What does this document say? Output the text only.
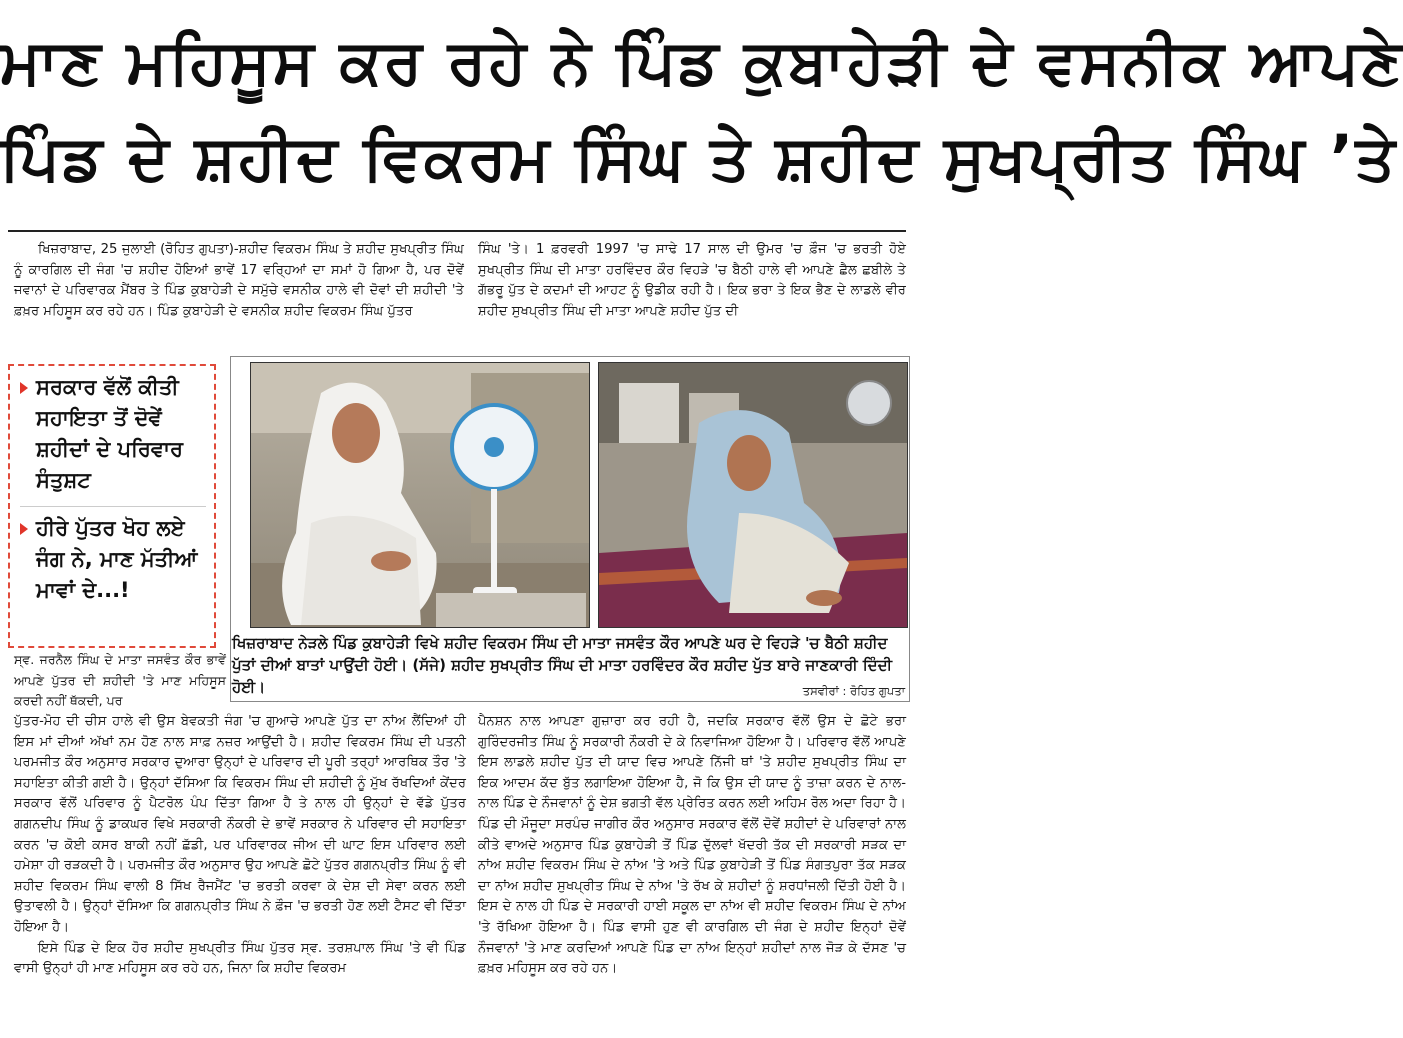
ਮਾਣ ਮਹਿਸੂਸ ਕਰ ਰਹੇ ਨੇ ਪਿੰਡ ਕੁਬਾਹੇੜੀ ਦੇ ਵਸਨੀਕ ਆਪਣੇ
ਪਿੰਡ ਦੇ ਸ਼ਹੀਦ ਵਿਕਰਮ ਸਿੰਘ ਤੇ ਸ਼ਹੀਦ ਸੁਖਪ੍ਰੀਤ ਸਿੰਘ ’ਤੇ

ਖਿਜ਼ਰਾਬਾਦ, 25 ਜੁਲਾਈ (ਰੋਹਿਤ ਗੁਪਤਾ)-ਸ਼ਹੀਦ ਵਿਕਰਮ ਸਿੰਘ ਤੇ ਸ਼ਹੀਦ ਸੁਖਪ੍ਰੀਤ ਸਿੰਘ ਨੂੰ ਕਾਰਗਿਲ ਦੀ ਜੰਗ 'ਚ ਸ਼ਹੀਦ ਹੋਇਆਂ ਭਾਵੇਂ 17 ਵਰ੍ਹਿਆਂ ਦਾ ਸਮਾਂ ਹੋ ਗਿਆ ਹੈ, ਪਰ ਦੋਵੇਂ ਜਵਾਨਾਂ ਦੇ ਪਰਿਵਾਰਕ ਮੈਂਬਰ ਤੇ ਪਿੰਡ ਕੁਬਾਹੇੜੀ ਦੇ ਸਮੁੱਚੇ ਵਸਨੀਕ ਹਾਲੇ ਵੀ ਦੋਵਾਂ ਦੀ ਸ਼ਹੀਦੀ 'ਤੇ ਫ਼ਖ਼ਰ ਮਹਿਸੂਸ ਕਰ ਰਹੇ ਹਨ। ਪਿੰਡ ਕੁਬਾਹੇੜੀ ਦੇ ਵਸਨੀਕ ਸ਼ਹੀਦ ਵਿਕਰਮ ਸਿੰਘ ਪੁੱਤਰ

ਸਿੰਘ 'ਤੇ। 1 ਫ਼ਰਵਰੀ 1997 'ਚ ਸਾਢੇ 17 ਸਾਲ ਦੀ ਉਮਰ 'ਚ ਫ਼ੌਜ 'ਚ ਭਰਤੀ ਹੋਏ ਸੁਖਪ੍ਰੀਤ ਸਿੰਘ ਦੀ ਮਾਤਾ ਹਰਵਿੰਦਰ ਕੌਰ ਵਿਹੜੇ 'ਚ ਬੈਠੀ ਹਾਲੇ ਵੀ ਆਪਣੇ ਛੈਲ ਛਬੀਲੇ ਤੇ ਗੱਭਰੂ ਪੁੱਤ ਦੇ ਕਦਮਾਂ ਦੀ ਆਹਟ ਨੂੰ ਉਡੀਕ ਰਹੀ ਹੈ। ਇਕ ਭਰਾ ਤੇ ਇਕ ਭੈਣ ਦੇ ਲਾਡਲੇ ਵੀਰ ਸ਼ਹੀਦ ਸੁਖਪ੍ਰੀਤ ਸਿੰਘ ਦੀ ਮਾਤਾ ਆਪਣੇ ਸ਼ਹੀਦ ਪੁੱਤ ਦੀ

ਸਰਕਾਰ ਵੱਲੋਂ ਕੀਤੀ ਸਹਾਇਤਾ ਤੋਂ ਦੋਵੇਂ ਸ਼ਹੀਦਾਂ ਦੇ ਪਰਿਵਾਰ ਸੰਤੁਸ਼ਟ
ਹੀਰੇ ਪੁੱਤਰ ਖੋਹ ਲਏ ਜੰਗ ਨੇ, ਮਾਣ ਮੱਤੀਆਂ ਮਾਵਾਂ ਦੇ...!
ਖਿਜ਼ਰਾਬਾਦ ਨੇੜਲੇ ਪਿੰਡ ਕੁਬਾਹੇੜੀ ਵਿਖੇ ਸ਼ਹੀਦ ਵਿਕਰਮ ਸਿੰਘ ਦੀ ਮਾਤਾ ਜਸਵੰਤ ਕੌਰ ਆਪਣੇ ਘਰ ਦੇ ਵਿਹੜੇ 'ਚ ਬੈਠੀ ਸ਼ਹੀਦ ਪੁੱਤਾਂ ਦੀਆਂ ਬਾਤਾਂ ਪਾਉਂਦੀ ਹੋਈ। (ਸੱਜੇ) ਸ਼ਹੀਦ ਸੁਖਪ੍ਰੀਤ ਸਿੰਘ ਦੀ ਮਾਤਾ ਹਰਵਿੰਦਰ ਕੌਰ ਸ਼ਹੀਦ ਪੁੱਤ ਬਾਰੇ ਜਾਣਕਾਰੀ ਦਿੰਦੀ ਹੋਈ।	ਤਸਵੀਰਾਂ : ਰੋਹਿਤ ਗੁਪਤਾ

ਸ੍ਵ. ਜਰਨੈਲ ਸਿੰਘ ਦੇ ਮਾਤਾ ਜਸਵੰਤ ਕੌਰ ਭਾਵੇਂ ਆਪਣੇ ਪੁੱਤਰ ਦੀ ਸ਼ਹੀਦੀ 'ਤੇ ਮਾਣ ਮਹਿਸੂਸ ਕਰਦੀ ਨਹੀਂ ਥੱਕਦੀ, ਪਰ

ਪੁੱਤਰ-ਮੋਹ ਦੀ ਚੀਸ ਹਾਲੇ ਵੀ ਉਸ ਬੇਵਕਤੀ ਜੰਗ 'ਚ ਗੁਆਚੇ ਆਪਣੇ ਪੁੱਤ ਦਾ ਨਾਂਅ ਲੈਂਦਿਆਂ ਹੀ ਇਸ ਮਾਂ ਦੀਆਂ ਅੱਖਾਂ ਨਮ ਹੋਣ ਨਾਲ ਸਾਫ਼ ਨਜ਼ਰ ਆਉਂਦੀ ਹੈ। ਸ਼ਹੀਦ ਵਿਕਰਮ ਸਿੰਘ ਦੀ ਪਤਨੀ ਪਰਮਜੀਤ ਕੌਰ ਅਨੁਸਾਰ ਸਰਕਾਰ ਦੁਆਰਾ ਉਨ੍ਹਾਂ ਦੇ ਪਰਿਵਾਰ ਦੀ ਪੂਰੀ ਤਰ੍ਹਾਂ ਆਰਥਿਕ ਤੌਰ 'ਤੇ ਸਹਾਇਤਾ ਕੀਤੀ ਗਈ ਹੈ। ਉਨ੍ਹਾਂ ਦੱਸਿਆ ਕਿ ਵਿਕਰਮ ਸਿੰਘ ਦੀ ਸ਼ਹੀਦੀ ਨੂੰ ਮੁੱਖ ਰੱਖਦਿਆਂ ਕੇਂਦਰ ਸਰਕਾਰ ਵੱਲੋਂ ਪਰਿਵਾਰ ਨੂੰ ਪੈਟਰੋਲ ਪੰਪ ਦਿੱਤਾ ਗਿਆ ਹੈ ਤੇ ਨਾਲ ਹੀ ਉਨ੍ਹਾਂ ਦੇ ਵੱਡੇ ਪੁੱਤਰ ਗਗਨਦੀਪ ਸਿੰਘ ਨੂੰ ਡਾਕਘਰ ਵਿਖੇ ਸਰਕਾਰੀ ਨੌਕਰੀ ਦੇ ਭਾਵੇਂ ਸਰਕਾਰ ਨੇ ਪਰਿਵਾਰ ਦੀ ਸਹਾਇਤਾ ਕਰਨ 'ਚ ਕੋਈ ਕਸਰ ਬਾਕੀ ਨਹੀਂ ਛੱਡੀ, ਪਰ ਪਰਿਵਾਰਕ ਜੀਅ ਦੀ ਘਾਟ ਇਸ ਪਰਿਵਾਰ ਲਈ ਹਮੇਸ਼ਾ ਹੀ ਰੜਕਦੀ ਹੈ। ਪਰਮਜੀਤ ਕੌਰ ਅਨੁਸਾਰ ਉਹ ਆਪਣੇ ਛੋਟੇ ਪੁੱਤਰ ਗਗਨਪ੍ਰੀਤ ਸਿੰਘ ਨੂੰ ਵੀ ਸ਼ਹੀਦ ਵਿਕਰਮ ਸਿੰਘ ਵਾਲੀ 8 ਸਿੱਖ ਰੈਜਮੈਂਟ 'ਚ ਭਰਤੀ ਕਰਵਾ ਕੇ ਦੇਸ਼ ਦੀ ਸੇਵਾ ਕਰਨ ਲਈ ਉਤਾਵਲੀ ਹੈ। ਉਨ੍ਹਾਂ ਦੱਸਿਆ ਕਿ ਗਗਨਪ੍ਰੀਤ ਸਿੰਘ ਨੇ ਫ਼ੌਜ 'ਚ ਭਰਤੀ ਹੋਣ ਲਈ ਟੈਸਟ ਵੀ ਦਿੱਤਾ ਹੋਇਆ ਹੈ।

ਇਸੇ ਪਿੰਡ ਦੇ ਇਕ ਹੋਰ ਸ਼ਹੀਦ ਸੁਖਪ੍ਰੀਤ ਸਿੰਘ ਪੁੱਤਰ ਸ੍ਵ. ਤਰਸ਼ਪਾਲ ਸਿੰਘ 'ਤੇ ਵੀ ਪਿੰਡ ਵਾਸੀ ਉਨ੍ਹਾਂ ਹੀ ਮਾਣ ਮਹਿਸੂਸ ਕਰ ਰਹੇ ਹਨ, ਜਿਨਾ ਕਿ ਸ਼ਹੀਦ ਵਿਕਰਮ

ਪੈਨਸ਼ਨ ਨਾਲ ਆਪਣਾ ਗੁਜ਼ਾਰਾ ਕਰ ਰਹੀ ਹੈ, ਜਦਕਿ ਸਰਕਾਰ ਵੱਲੋਂ ਉਸ ਦੇ ਛੋਟੇ ਭਰਾ ਗੁਰਿੰਦਰਜੀਤ ਸਿੰਘ ਨੂੰ ਸਰਕਾਰੀ ਨੌਕਰੀ ਦੇ ਕੇ ਨਿਵਾਜਿਆ ਹੋਇਆ ਹੈ। ਪਰਿਵਾਰ ਵੱਲੋਂ ਆਪਣੇ ਇਸ ਲਾਡਲੇ ਸ਼ਹੀਦ ਪੁੱਤ ਦੀ ਯਾਦ ਵਿਚ ਆਪਣੇ ਨਿੱਜੀ ਥਾਂ 'ਤੇ ਸ਼ਹੀਦ ਸੁਖਪ੍ਰੀਤ ਸਿੰਘ ਦਾ ਇਕ ਆਦਮ ਕੱਦ ਬੁੱਤ ਲਗਾਇਆ ਹੋਇਆ ਹੈ, ਜੋ ਕਿ ਉਸ ਦੀ ਯਾਦ ਨੂੰ ਤਾਜ਼ਾ ਕਰਨ ਦੇ ਨਾਲ-ਨਾਲ ਪਿੰਡ ਦੇ ਨੌਜਵਾਨਾਂ ਨੂੰ ਦੇਸ਼ ਭਗਤੀ ਵੱਲ ਪ੍ਰੇਰਿਤ ਕਰਨ ਲਈ ਅਹਿਮ ਰੋਲ ਅਦਾ ਰਿਹਾ ਹੈ। ਪਿੰਡ ਦੀ ਮੌਜੂਦਾ ਸਰਪੰਚ ਜਾਗੀਰ ਕੌਰ ਅਨੁਸਾਰ ਸਰਕਾਰ ਵੱਲੋਂ ਦੋਵੇਂ ਸ਼ਹੀਦਾਂ ਦੇ ਪਰਿਵਾਰਾਂ ਨਾਲ ਕੀਤੇ ਵਾਅਦੇ ਅਨੁਸਾਰ ਪਿੰਡ ਕੁਬਾਹੇੜੀ ਤੋਂ ਪਿੰਡ ਦੁੱਲਵਾਂ ਖੱਦਰੀ ਤੱਕ ਦੀ ਸਰਕਾਰੀ ਸੜਕ ਦਾ ਨਾਂਅ ਸ਼ਹੀਦ ਵਿਕਰਮ ਸਿੰਘ ਦੇ ਨਾਂਅ 'ਤੇ ਅਤੇ ਪਿੰਡ ਕੁਬਾਹੇੜੀ ਤੋਂ ਪਿੰਡ ਸੰਗਤਪੁਰਾ ਤੱਕ ਸੜਕ ਦਾ ਨਾਂਅ ਸ਼ਹੀਦ ਸੁਖਪ੍ਰੀਤ ਸਿੰਘ ਦੇ ਨਾਂਅ 'ਤੇ ਰੱਖ ਕੇ ਸ਼ਹੀਦਾਂ ਨੂੰ ਸ਼ਰਧਾਂਜਲੀ ਦਿੱਤੀ ਹੋਈ ਹੈ। ਇਸ ਦੇ ਨਾਲ ਹੀ ਪਿੰਡ ਦੇ ਸਰਕਾਰੀ ਹਾਈ ਸਕੂਲ ਦਾ ਨਾਂਅ ਵੀ ਸ਼ਹੀਦ ਵਿਕਰਮ ਸਿੰਘ ਦੇ ਨਾਂਅ 'ਤੇ ਰੱਖਿਆ ਹੋਇਆ ਹੈ। ਪਿੰਡ ਵਾਸੀ ਹੁਣ ਵੀ ਕਾਰਗਿਲ ਦੀ ਜੰਗ ਦੇ ਸ਼ਹੀਦ ਇਨ੍ਹਾਂ ਦੋਵੇਂ ਨੌਜਵਾਨਾਂ 'ਤੇ ਮਾਣ ਕਰਦਿਆਂ ਆਪਣੇ ਪਿੰਡ ਦਾ ਨਾਂਅ ਇਨ੍ਹਾਂ ਸ਼ਹੀਦਾਂ ਨਾਲ ਜੋੜ ਕੇ ਦੱਸਣ 'ਚ ਫ਼ਖ਼ਰ ਮਹਿਸੂਸ ਕਰ ਰਹੇ ਹਨ।
